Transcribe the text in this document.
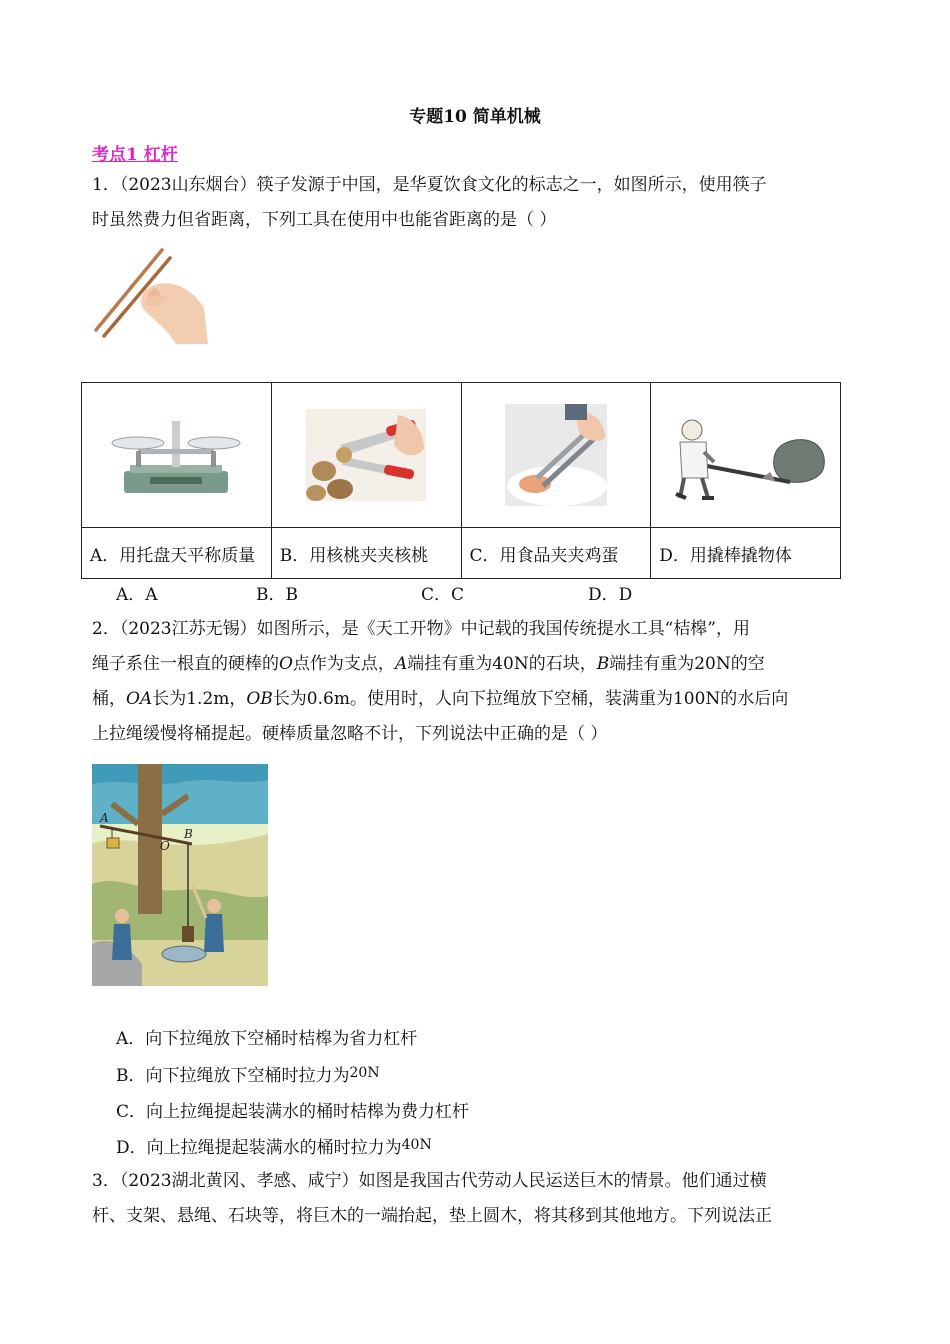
专题10 简单机械
考点1 杠杆
1．（2023山东烟台）筷子发源于中国，是华夏饮食文化的标志之一，如图所示，使用筷子
时虽然费力但省距离，下列工具在使用中也能省距离的是（ ）

A．用托盘天平称质量	B．用核桃夹夹核桃	C．用食品夹夹鸡蛋	D．用撬棒撬物体
A．A	B．B	C．C	D．D
2．（2023江苏无锡）如图所示，是《天工开物》中记载的我国传统提水工具“桔槔”，用
绳子系住一根直的硬棒的O点作为支点，A端挂有重为40N的石块，B端挂有重为20N的空
桶，OA长为1.2m，OB长为0.6m。使用时，人向下拉绳放下空桶，装满重为100N的水后向
上拉绳缓慢将桶提起。硬棒质量忽略不计，下列说法中正确的是（ ）
A
B
O
A．向下拉绳放下空桶时桔槔为省力杠杆
B．向下拉绳放下空桶时拉力为$^{20N}$
C．向上拉绳提起装满水的桶时桔槔为费力杠杆
D．向上拉绳提起装满水的桶时拉力为$^{40N}$
3．（2023湖北黄冈、孝感、咸宁）如图是我国古代劳动人民运送巨木的情景。他们通过横
杆、支架、悬绳、石块等，将巨木的一端抬起，垫上圆木，将其移到其他地方。下列说法正
